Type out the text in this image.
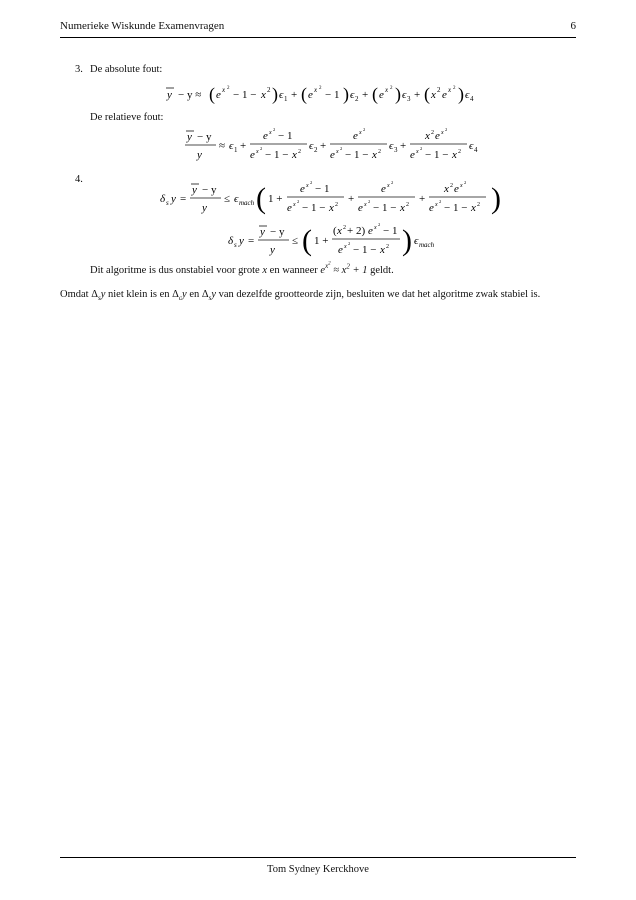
Numerieke Wiskunde Examenvragen	6
3. De absolute fout:
y − y ≈ ( e x 2
− 1 − x 2 ) ϵ 1 + ( e x 2
− 1 ) ϵ 2 + ( e x 2 ) ϵ 3 + ( x 2 e x 2 ) ϵ 4
De relatieve fout:
y − y
y
≈ ϵ 1 +
e x
2
− 1
e x
2
− 1 − x 2 ϵ 2 +
e x
2
e x
2
− 1 − x 2 ϵ 3 +
x 2 e x
2
e x
2
− 1 − x 2 ϵ 4
4.
δ s y =
y − y
y
≤ ϵ mach ( 1 +
e x
2
− 1
e x
2
− 1 − x 2 +
e x
2
e x
2
− 1 − x 2 +
x 2 e x
2
e x
2
− 1 − x 2 )
δ s y =
y − y
y
≤ ( 1 +
( x 2 + 2) e x
2
− 1
e x
2
− 1 − x 2 ) ϵ mach
Dit algoritme is dus onstabiel voor grote x en wanneer $e^{x^2} \approx x^2 + 1$ geldt.
Omdat $\Delta_sy$ niet klein is en $\Delta_cy$ en $\Delta_sy$ van dezelfde grootteorde zijn, besluiten we dat het algoritme zwak stabiel is.
Tom Sydney Kerckhove
